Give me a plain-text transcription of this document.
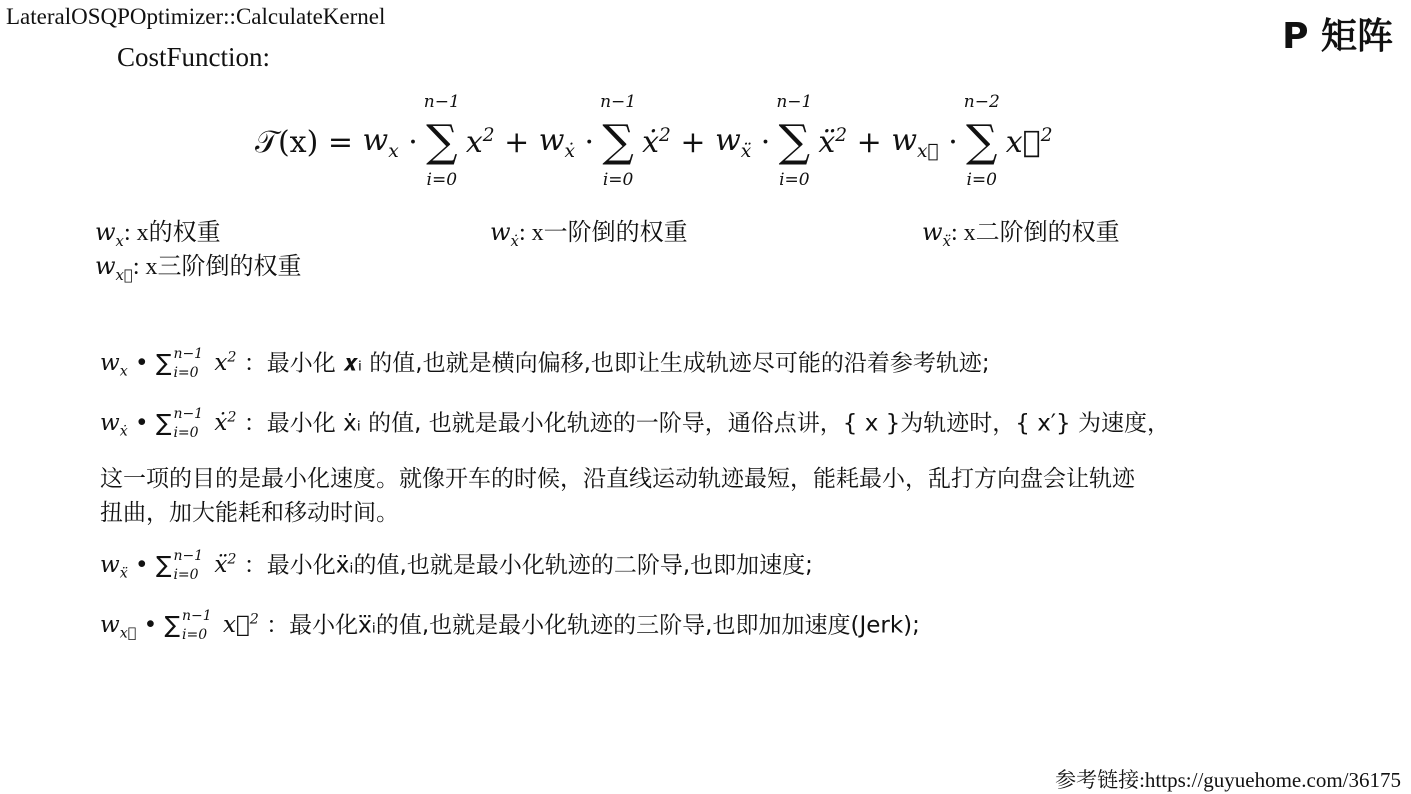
LateralOSQPOptimizer::CalculateKernel	P 矩阵
CostFunction:
𝒯(x) = $w_x$ ·
n−1
∑
i=0
$x^2 + w_ẋ$ ·
n−1
∑
i=0
ẋ$^2$ + $w_ẍ$ ·
n−1
∑
i=0
ẍ$^2$ + $w_{x⃛}$ ·
n−2
∑
i=0
x⃛$^2$
$w_x$: x的权重	$w_ẋ$: x一阶倒的权重	$w_ẍ$: x二阶倒的权重
$w_{x⃛}$: x三阶倒的权重
$w_x$ • ∑ n−1
i=0 $x^2$ ：最小化 𝒙ᵢ 的值,也就是横向偏移,也即让生成轨迹尽可能的沿着参考轨迹;
$w_ẋ$ • ∑ n−1
i=0 ẋ$^2$ ：最小化 ẋᵢ 的值, 也就是最小化轨迹的一阶导，通俗点讲，{ x }为轨迹时，{ x′} 为速度，
这一项的目的是最小化速度。就像开车的时候，沿直线运动轨迹最短，能耗最小，乱打方向盘会让轨迹
扭曲，加大能耗和移动时间。
$w_ẍ$ • ∑ n−1
i=0 ẍ$^2$ ：最小化ẍᵢ的值,也就是最小化轨迹的二阶导,也即加速度;
$w_{x⃛}$ • ∑ n−1
i=0 x⃛$^2$ ：最小化x⃛ᵢ的值,也就是最小化轨迹的三阶导,也即加加速度(Jerk);
参考链接:https://guyuehome.com/36175
